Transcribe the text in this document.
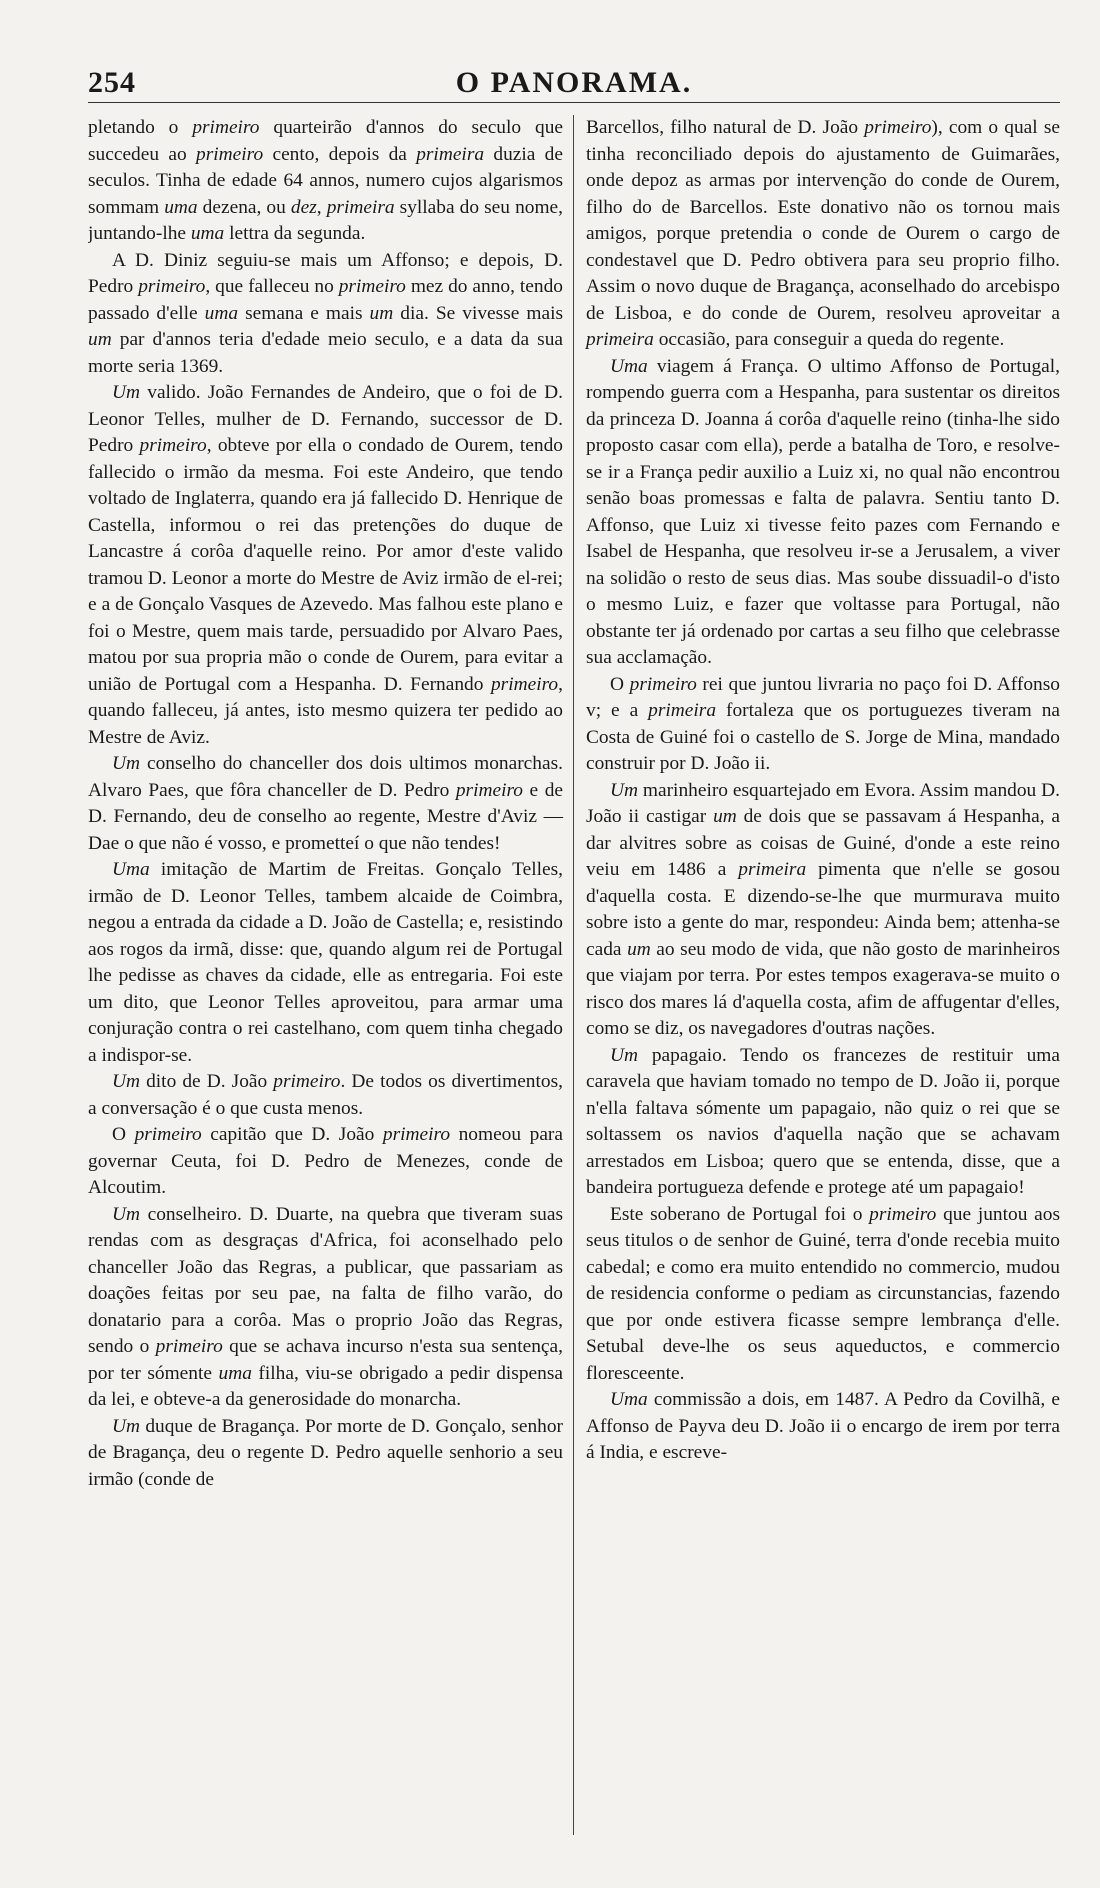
254	O PANORAMA.

pletando o primeiro quarteirão d'annos do seculo que succedeu ao primeiro cento, depois da primeira duzia de seculos. Tinha de edade 64 annos, numero cujos algarismos sommam uma dezena, ou dez, primeira syllaba do seu nome, juntando-lhe uma lettra da segunda.

A D. Diniz seguiu-se mais um Affonso; e depois, D. Pedro primeiro, que falleceu no primeiro mez do anno, tendo passado d'elle uma semana e mais um dia. Se vivesse mais um par d'annos teria d'edade meio seculo, e a data da sua morte seria 1369.

Um valido. João Fernandes de Andeiro, que o foi de D. Leonor Telles, mulher de D. Fernando, successor de D. Pedro primeiro, obteve por ella o condado de Ourem, tendo fallecido o irmão da mesma. Foi este Andeiro, que tendo voltado de Inglaterra, quando era já fallecido D. Henrique de Castella, informou o rei das pretenções do duque de Lancastre á corôa d'aquelle reino. Por amor d'este valido tramou D. Leonor a morte do Mestre de Aviz irmão de el-rei; e a de Gonçalo Vasques de Azevedo. Mas falhou este plano e foi o Mestre, quem mais tarde, persuadido por Alvaro Paes, matou por sua propria mão o conde de Ourem, para evitar a união de Portugal com a Hespanha. D. Fernando primeiro, quando falleceu, já antes, isto mesmo quizera ter pedido ao Mestre de Aviz.

Um conselho do chanceller dos dois ultimos monarchas. Alvaro Paes, que fôra chanceller de D. Pedro primeiro e de D. Fernando, deu de conselho ao regente, Mestre d'Aviz — Dae o que não é vosso, e prometteí o que não tendes!

Uma imitação de Martim de Freitas. Gonçalo Telles, irmão de D. Leonor Telles, tambem alcaide de Coimbra, negou a entrada da cidade a D. João de Castella; e, resistindo aos rogos da irmã, disse: que, quando algum rei de Portugal lhe pedisse as chaves da cidade, elle as entregaria. Foi este um dito, que Leonor Telles aproveitou, para armar uma conjuração contra o rei castelhano, com quem tinha chegado a indispor-se.

Um dito de D. João primeiro. De todos os divertimentos, a conversação é o que custa menos.

O primeiro capitão que D. João primeiro nomeou para governar Ceuta, foi D. Pedro de Menezes, conde de Alcoutim.

Um conselheiro. D. Duarte, na quebra que tiveram suas rendas com as desgraças d'Africa, foi aconselhado pelo chanceller João das Regras, a publicar, que passariam as doações feitas por seu pae, na falta de filho varão, do donatario para a corôa. Mas o proprio João das Regras, sendo o primeiro que se achava incurso n'esta sua sentença, por ter sómente uma filha, viu-se obrigado a pedir dispensa da lei, e obteve-a da generosidade do monarcha.

Um duque de Bragança. Por morte de D. Gonçalo, senhor de Bragança, deu o regente D. Pedro aquelle senhorio a seu irmão (conde de

Barcellos, filho natural de D. João primeiro), com o qual se tinha reconciliado depois do ajustamento de Guimarães, onde depoz as armas por intervenção do conde de Ourem, filho do de Barcellos. Este donativo não os tornou mais amigos, porque pretendia o conde de Ourem o cargo de condestavel que D. Pedro obtivera para seu proprio filho. Assim o novo duque de Bragança, aconselhado do arcebispo de Lisboa, e do conde de Ourem, resolveu aproveitar a primeira occasião, para conseguir a queda do regente.

Uma viagem á França. O ultimo Affonso de Portugal, rompendo guerra com a Hespanha, para sustentar os direitos da princeza D. Joanna á corôa d'aquelle reino (tinha-lhe sido proposto casar com ella), perde a batalha de Toro, e resolve-se ir a França pedir auxilio a Luiz xi, no qual não encontrou senão boas promessas e falta de palavra. Sentiu tanto D. Affonso, que Luiz xi tivesse feito pazes com Fernando e Isabel de Hespanha, que resolveu ir-se a Jerusalem, a viver na solidão o resto de seus dias. Mas soube dissuadil-o d'isto o mesmo Luiz, e fazer que voltasse para Portugal, não obstante ter já ordenado por cartas a seu filho que celebrasse sua acclamação.

O primeiro rei que juntou livraria no paço foi D. Affonso v; e a primeira fortaleza que os portuguezes tiveram na Costa de Guiné foi o castello de S. Jorge de Mina, mandado construir por D. João ii.

Um marinheiro esquartejado em Evora. Assim mandou D. João ii castigar um de dois que se passavam á Hespanha, a dar alvitres sobre as coisas de Guiné, d'onde a este reino veiu em 1486 a primeira pimenta que n'elle se gosou d'aquella costa. E dizendo-se-lhe que murmurava muito sobre isto a gente do mar, respondeu: Ainda bem; attenha-se cada um ao seu modo de vida, que não gosto de marinheiros que viajam por terra. Por estes tempos exagerava-se muito o risco dos mares lá d'aquella costa, afim de affugentar d'elles, como se diz, os navegadores d'outras nações.

Um papagaio. Tendo os francezes de restituir uma caravela que haviam tomado no tempo de D. João ii, porque n'ella faltava sómente um papagaio, não quiz o rei que se soltassem os navios d'aquella nação que se achavam arrestados em Lisboa; quero que se entenda, disse, que a bandeira portugueza defende e protege até um papagaio!

Este soberano de Portugal foi o primeiro que juntou aos seus titulos o de senhor de Guiné, terra d'onde recebia muito cabedal; e como era muito entendido no commercio, mudou de residencia conforme o pediam as circunstancias, fazendo que por onde estivera ficasse sempre lembrança d'elle. Setubal deve-lhe os seus aqueductos, e commercio floresceente.

Uma commissão a dois, em 1487. A Pedro da Covilhã, e Affonso de Payva deu D. João ii o encargo de irem por terra á India, e escreve-
